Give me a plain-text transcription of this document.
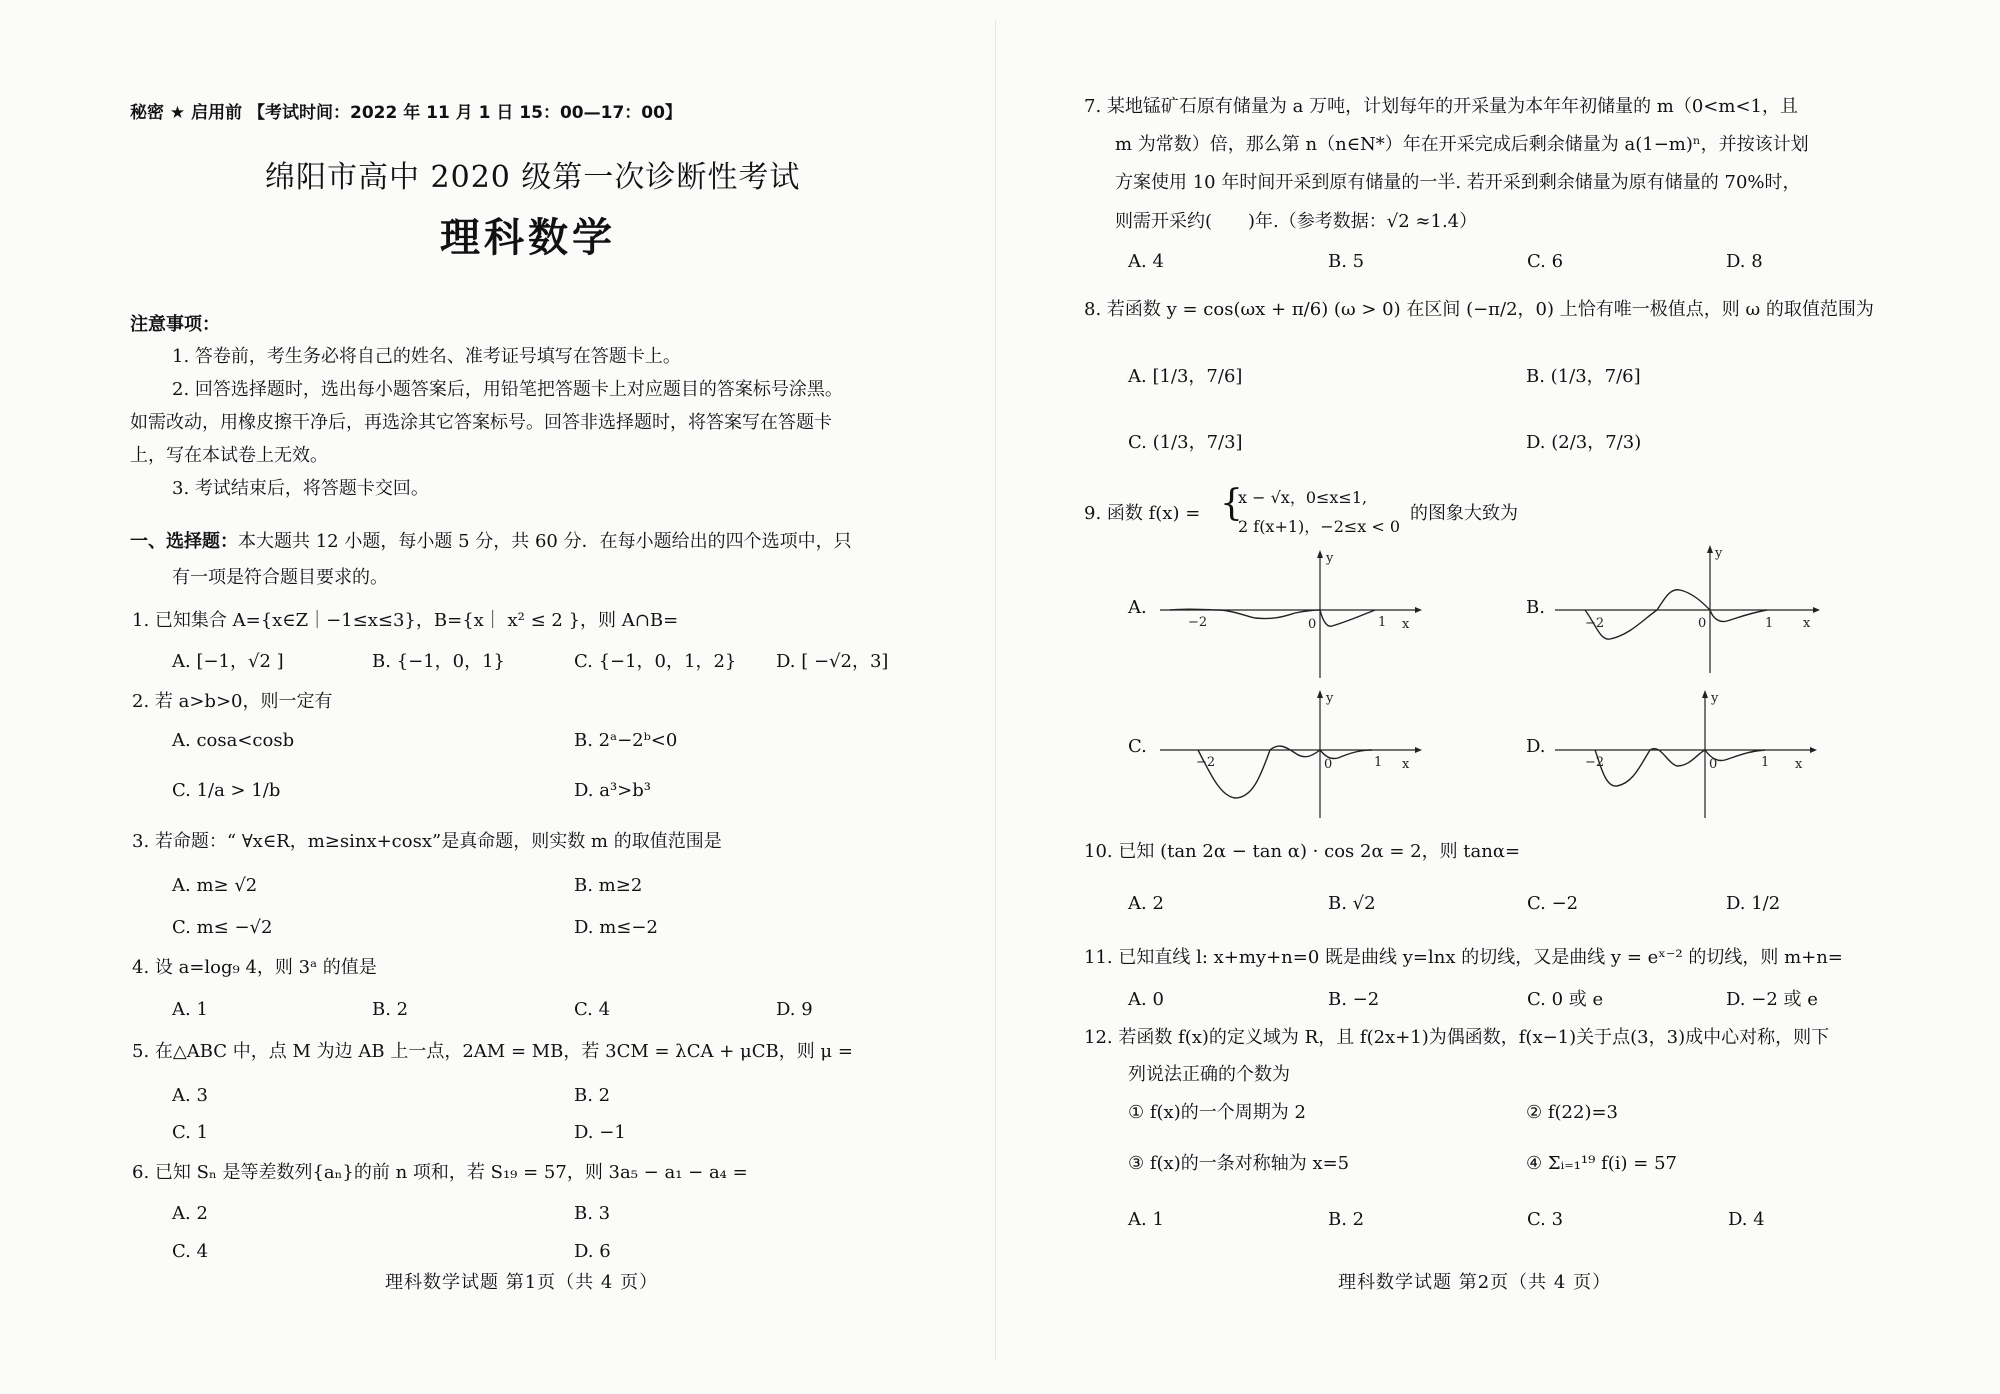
秘密 ★ 启用前 【考试时间：2022 年 11 月 1 日 15：00—17：00】
绵阳市高中 2020 级第一次诊断性考试
理科数学
注意事项：
1. 答卷前，考生务必将自己的姓名、准考证号填写在答题卡上。
2. 回答选择题时，选出每小题答案后，用铅笔把答题卡上对应题目的答案标号涂黑。
如需改动，用橡皮擦干净后，再选涂其它答案标号。回答非选择题时，将答案写在答题卡
上，写在本试卷上无效。
3. 考试结束后，将答题卡交回。
一、选择题：本大题共 12 小题，每小题 5 分，共 60 分．在每小题给出的四个选项中，只
有一项是符合题目要求的。
1. 已知集合 A={x∈Z｜−1≤x≤3}，B={x｜ x² ≤ 2 }，则 A∩B=
A. [−1，√2 ]	B. {−1，0，1}	C. {−1，0，1，2} D. [ −√2，3]
2. 若 a>b>0，则一定有
A. cosa<cosb	B. 2ᵃ−2ᵇ<0
C. 1/a > 1/b	D. a³>b³
3. 若命题：“ ∀x∈R，m≥sinx+cosx”是真命题，则实数 m 的取值范围是
A. m≥ √2	B. m≥2
C. m≤ −√2	D. m≤−2
4. 设 a=log₉ 4，则 3ᵃ 的值是
A. 1	B. 2	C. 4	D. 9
5. 在△ABC 中，点 M 为边 AB 上一点，2AM = MB，若 3CM = λCA + μCB，则 μ =
A. 3	B. 2
C. 1	D. −1
6. 已知 Sₙ 是等差数列{aₙ}的前 n 项和，若 S₁₉ = 57，则 3a₅ − a₁ − a₄ =
A. 2	B. 3
C. 4	D. 6
理科数学试题 第1页（共 4 页）
7. 某地锰矿石原有储量为 a 万吨，计划每年的开采量为本年年初储量的 m（0<m<1，且
m 为常数）倍，那么第 n（n∈N*）年在开采完成后剩余储量为 a(1−m)ⁿ，并按该计划
方案使用 10 年时间开采到原有储量的一半. 若开采到剩余储量为原有储量的 70%时，
则需开采约(　　)年.（参考数据：√2 ≈1.4）
A. 4	B. 5	C. 6	D. 8
8. 若函数 y = cos(ωx + π/6) (ω > 0) 在区间 (−π/2，0) 上恰有唯一极值点，则 ω 的取值范围为
A. [1/3，7/6]	B. (1/3，7/6]
C. (1/3，7/3]	D. (2/3，7/3)
9. 函数 f(x) = {
x − √x，0≤x≤1,
2 f(x+1)，−2≤x < 0
的图象大致为
A.	B.
C.	D.
y
x
0	1
−2
y
x
0	1
−2
y
x
0	1
−2
y
x
0	1
−2
10. 已知 (tan 2α − tan α) · cos 2α = 2，则 tanα=
A. 2	B. √2	C. −2	D. 1/2
11. 已知直线 l: x+my+n=0 既是曲线 y=lnx 的切线，又是曲线 y = eˣ⁻² 的切线，则 m+n=
A. 0	B. −2	C. 0 或 e	D. −2 或 e
12. 若函数 f(x)的定义域为 R，且 f(2x+1)为偶函数，f(x−1)关于点(3，3)成中心对称，则下
列说法正确的个数为
① f(x)的一个周期为 2	② f(22)=3
③ f(x)的一条对称轴为 x=5	④ Σᵢ₌₁¹⁹ f(i) = 57
A. 1	B. 2	C. 3	D. 4
理科数学试题 第2页（共 4 页）
